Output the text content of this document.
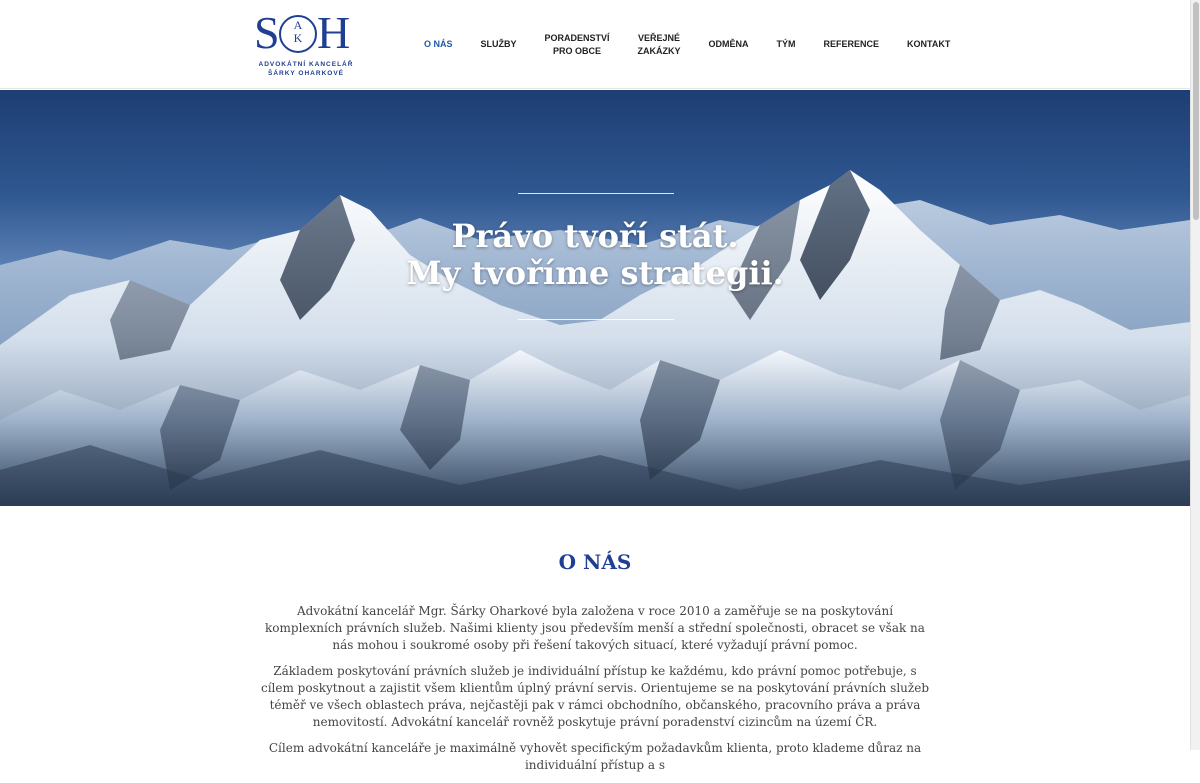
S	A
K H
ADVOKÁTNÍ KANCELÁŘ
ŠÁRKY OHARKOVÉ
O NÁS	SLUŽBY
PORADENSTVÍ
PRO OBCE
VEŘEJNÉ
ZAKÁZKY
ODMĚNA	TÝM	REFERENCE	KONTAKT
Právo tvoří stát.
My tvoříme strategii.
O NÁS

Advokátní kancelář Mgr. Šárky Oharkové byla založena v roce 2010 a zaměřuje se na poskytování komplexních právních služeb. Našimi klienty jsou především menší a střední společnosti, obracet se však na nás mohou i soukromé osoby při řešení takových situací, které vyžadují právní pomoc.

Základem poskytování právních služeb je individuální přístup ke každému, kdo právní pomoc potřebuje, s cílem poskytnout a zajistit všem klientům úplný právní servis. Orientujeme se na poskytování právních služeb téměř ve všech oblastech práva, nejčastěji pak v rámci obchodního, občanského, pracovního práva a práva nemovitostí. Advokátní kancelář rovněž poskytuje právní poradenství cizincům na území ČR.

Cílem advokátní kanceláře je maximálně vyhovět specifickým požadavkům klienta, proto klademe důraz na individuální přístup a s
